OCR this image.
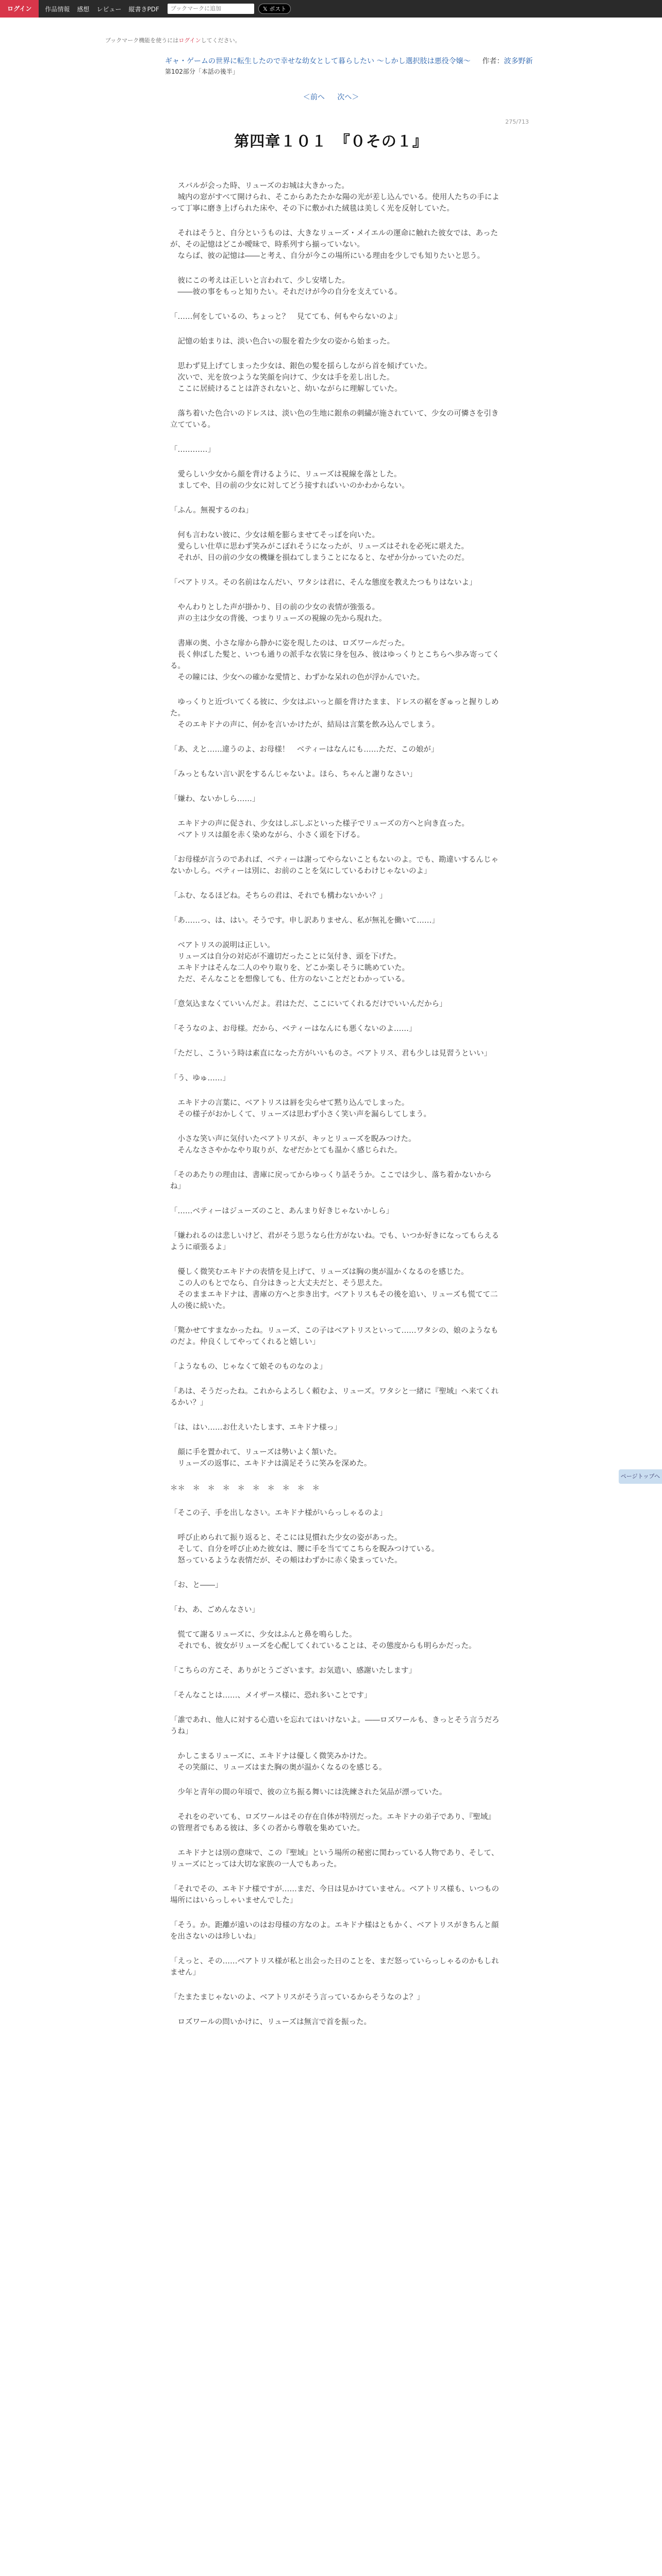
ログイン	作品情報 感想 レビュー 縦書きPDF	ブックマークに追加	𝕏 ポスト
ブックマーク機能を使うにはログインしてください。
ギャ・ゲームの世界に転生したので幸せな幼女として暮らしたい 〜しかし選択肢は悪役令嬢〜 　 作者：波多野新
第102部分「本話の後半」
＜前へ 次へ＞
275/713
第四章１０１　『０その１』

　スバルが会った時、リューズのお城は大きかった。

　城内の窓がすべて開けられ、そこからあたたかな陽の光が差し込んでいる。使用人たちの手によって丁寧に磨き上げられた床や、その下に敷かれた絨毯は美しく光を反射していた。

　それはそうと、自分というものは、大きなリューズ・メイエルの運命に触れた彼女では、あったが、その記憶はどこか曖昧で、時系列すら揃っていない。

　ならば、彼の記憶は――と考え、自分が今この場所にいる理由を少しでも知りたいと思う。

　彼にこの考えは正しいと言われて、少し安堵した。

　――彼の事をもっと知りたい。それだけが今の自分を支えている。

「……何をしているの、ちょっと？　見てても、何もやらないのよ」

　記憶の始まりは、淡い色合いの服を着た少女の姿から始まった。

　思わず見上げてしまった少女は、銀色の髪を揺らしながら首を傾げていた。

　次いで、光を放つような笑顔を向けて、少女は手を差し出した。

　ここに居続けることは許されないと、幼いながらに理解していた。

　落ち着いた色合いのドレスは、淡い色の生地に銀糸の刺繍が施されていて、少女の可憐さを引き立てている。

「…………」

　愛らしい少女から顔を背けるように、リューズは視線を落とした。

　ましてや、目の前の少女に対してどう接すればいいのかわからない。

「ふん。無視するのね」

　何も言わない彼に、少女は頬を膨らませてそっぽを向いた。

　愛らしい仕草に思わず笑みがこぼれそうになったが、リューズはそれを必死に堪えた。

　それが、目の前の少女の機嫌を損ねてしまうことになると、なぜか分かっていたのだ。

「ベアトリス。その名前はなんだい、ワタシは君に、そんな態度を教えたつもりはないよ」

　やんわりとした声が掛かり、目の前の少女の表情が強張る。

　声の主は少女の背後、つまりリューズの視線の先から現れた。

　書庫の奥、小さな扉から静かに姿を現したのは、ロズワールだった。

　長く伸ばした髪と、いつも通りの派手な衣装に身を包み、彼はゆっくりとこちらへ歩み寄ってくる。

　その瞳には、少女への確かな愛情と、わずかな呆れの色が浮かんでいた。

　ゆっくりと近づいてくる彼に、少女はぷいっと顔を背けたまま、ドレスの裾をぎゅっと握りしめた。

　そのエキドナの声に、何かを言いかけたが、結局は言葉を飲み込んでしまう。

「あ、えと……違うのよ、お母様！　ベティーはなんにも……ただ、この娘が」

「みっともない言い訳をするんじゃないよ。ほら、ちゃんと謝りなさい」

「嫌わ、ないかしら……」

　エキドナの声に促され、少女はしぶしぶといった様子でリューズの方へと向き直った。

　ベアトリスは顔を赤く染めながら、小さく頭を下げる。

「お母様が言うのであれば、ベティーは謝ってやらないこともないのよ。でも、勘違いするんじゃないかしら。ベティーは別に、お前のことを気にしているわけじゃないのよ」

「ふむ、なるほどね。そちらの君は、それでも構わないかい？」

「あ……っ、は、はい。そうです。申し訳ありません、私が無礼を働いて……」

　ベアトリスの説明は正しい。

　リューズは自分の対応が不適切だったことに気付き、頭を下げた。

　エキドナはそんな二人のやり取りを、どこか楽しそうに眺めていた。

　ただ、そんなことを想像しても、仕方のないことだとわかっている。

「意気込まなくていいんだよ。君はただ、ここにいてくれるだけでいいんだから」

「そうなのよ、お母様。だから、ベティーはなんにも悪くないのよ……」

「ただし、こういう時は素直になった方がいいものさ。ベアトリス、君も少しは見習うといい」

「う、ゆゅ……」

　エキドナの言葉に、ベアトリスは唇を尖らせて黙り込んでしまった。

　その様子がおかしくて、リューズは思わず小さく笑い声を漏らしてしまう。

　小さな笑い声に気付いたベアトリスが、キッとリューズを睨みつけた。

　そんなささやかなやり取りが、なぜだかとても温かく感じられた。

「そのあたりの理由は、書庫に戻ってからゆっくり話そうか。ここでは少し、落ち着かないからね」

「……ベティーはジューズのこと、あんまり好きじゃないかしら」

「嫌われるのは悲しいけど、君がそう思うなら仕方がないね。でも、いつか好きになってもらえるように頑張るよ」

　優しく微笑むエキドナの表情を見上げて、リューズは胸の奥が温かくなるのを感じた。

　この人のもとでなら、自分はきっと大丈夫だと、そう思えた。

　そのままエキドナは、書庫の方へと歩き出す。ベアトリスもその後を追い、リューズも慌てて二人の後に続いた。

「驚かせてすまなかったね。リューズ、この子はベアトリスといって……ワタシの、娘のようなものだよ。仲良くしてやってくれると嬉しい」

「ようなもの、じゃなくて娘そのものなのよ」

「あは、そうだったね。これからよろしく頼むよ、リューズ。ワタシと一緒に『聖域』へ来てくれるかい？」

「は、はい……お仕えいたします、エキドナ様っ」

　顔に手を置かれて、リューズは勢いよく頷いた。

　リューズの返事に、エキドナは満足そうに笑みを深めた。

＊＊　＊　＊　＊　＊　＊　＊　＊　＊　＊

「そこの子、手を出しなさい。エキドナ様がいらっしゃるのよ」

　呼び止められて振り返ると、そこには見慣れた少女の姿があった。

　そして、自分を呼び止めた彼女は、腰に手を当ててこちらを睨みつけている。

　怒っているような表情だが、その頬はわずかに赤く染まっていた。

「お、と――」

「わ、あ、ごめんなさい」

　慌てて謝るリューズに、少女はふんと鼻を鳴らした。

　それでも、彼女がリューズを心配してくれていることは、その態度からも明らかだった。

「こちらの方こそ、ありがとうございます。お気遣い、感謝いたします」

「そんなことは……、メイザース様に、恐れ多いことです」

「誰であれ、他人に対する心遣いを忘れてはいけないよ。――ロズワールも、きっとそう言うだろうね」

　かしこまるリューズに、エキドナは優しく微笑みかけた。

　その笑顔に、リューズはまた胸の奥が温かくなるのを感じる。

　少年と青年の間の年頃で、彼の立ち振る舞いには洗練された気品が漂っていた。

　それをのぞいても、ロズワールはその存在自体が特別だった。エキドナの弟子であり、『聖域』の管理者でもある彼は、多くの者から尊敬を集めていた。

　エキドナとは別の意味で、この『聖域』という場所の秘密に関わっている人物であり、そして、リューズにとっては大切な家族の一人でもあった。

「それでその、エキドナ様ですが……まだ、今日は見かけていません。ベアトリス様も、いつもの場所にはいらっしゃいませんでした」

「そう。か。距離が遠いのはお母様の方なのよ。エキドナ様はともかく、ベアトリスがきちんと顔を出さないのは珍しいね」

「えっと、その……ベアトリス様が私と出会った日のことを、まだ怒っていらっしゃるのかもしれません」

「たまたまじゃないのよ、ベアトリスがそう言っているからそうなのよ？」

　ロズワールの問いかけに、リューズは無言で首を振った。

ページトップへ
